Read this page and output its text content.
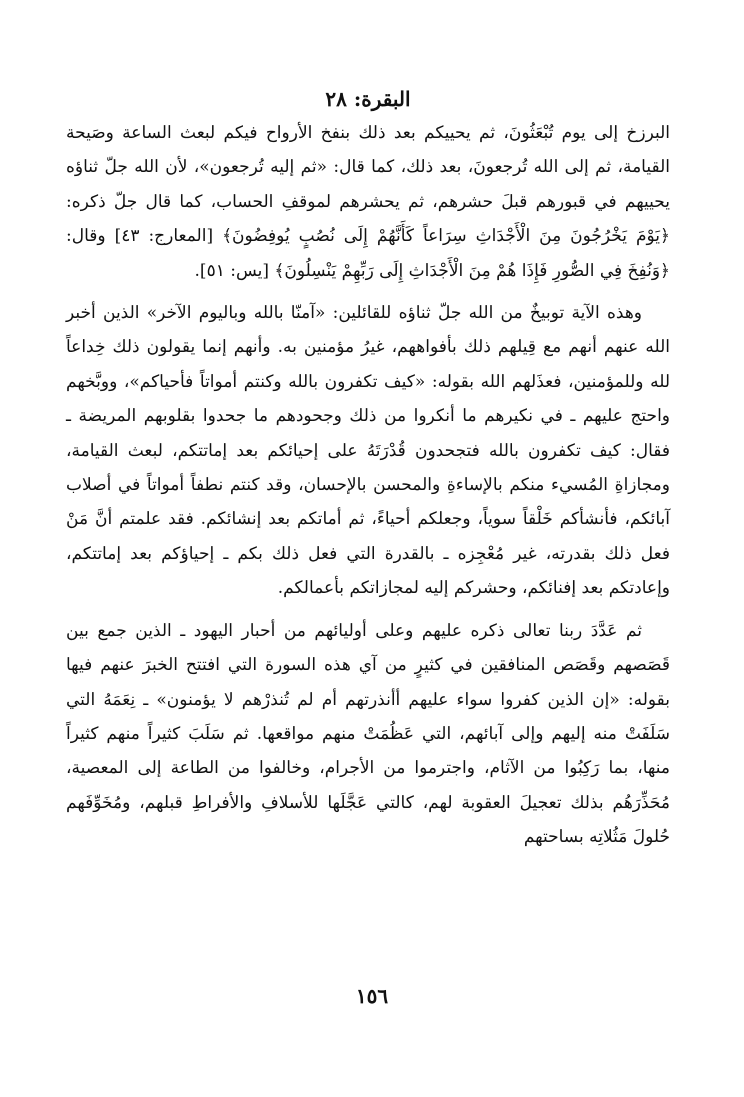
البقرة: ٢٨

البرزخ إلى يوم تُبْعَثُونَ، ثم يحييكم بعد ذلك بنفخ الأرواح فيكم لبعث الساعة وصَيحة القيامة، ثم إلى الله تُرجعونَ، بعد ذلك، كما قال: «ثم إليه تُرجعون»، لأن الله جلّ ثناؤه يحييهم في قبورهم قبلَ حشرهم، ثم يحشرهم لموقفِ الحساب، كما قال جلّ ذكره: ﴿يَوْمَ يَخْرُجُونَ مِنَ الْأَجْدَاثِ سِرَاعاً كَأَنَّهُمْ إِلَى نُصُبٍ يُوفِضُونَ﴾ [المعارج: ٤٣] وقال: ﴿وَنُفِخَ فِي الصُّورِ فَإِذَا هُمْ مِنَ الْأَجْدَاثِ إِلَى رَبِّهِمْ يَنْسِلُونَ﴾ [يس: ٥١].

وهذه الآية توبيخٌ من الله جلّ ثناؤه للقائلين: «آمنّا بالله وباليوم الآخر» الذين أخبر الله عنهم أنهم مع قِيلهم ذلك بأفواههم، غيرُ مؤمنين به. وأنهم إنما يقولون ذلك خِداعاً لله وللمؤمنين، فعذَلهم الله بقوله: «كيف تكفرون بالله وكنتم أمواتاً فأحياكم»، ووبَّخهم واحتج عليهم ـ في نكيرهم ما أنكروا من ذلك وجحودهم ما جحدوا بقلوبهم المريضة ـ فقال: كيف تكفرون بالله فتجحدون قُدْرَتَهُ على إحيائكم بعد إماتتكم، لبعث القيامة، ومجازاةِ المُسيء منكم بالإساءةِ والمحسن بالإحسان، وقد كنتم نطفاً أمواتاً في أصلاب آبائكم، فأنشأكم خَلْقاً سوياً، وجعلكم أحياءً، ثم أماتكم بعد إنشائكم. فقد علمتم أنَّ مَنْ فعل ذلك بقدرته، غير مُعْجِزه ـ بالقدرة التي فعل ذلك بكم ـ إحياؤكم بعد إماتتكم، وإعادتكم بعد إفنائكم، وحشركم إليه لمجازاتكم بأعمالكم.

ثم عَدَّدَ ربنا تعالى ذكره عليهم وعلى أوليائهم من أحبار اليهود ـ الذين جمع بين قَصَصهم وقَصَص المنافقين في كثيرٍ من آي هذه السورة التي افتتح الخبرَ عنهم فيها بقوله: «إن الذين كفروا سواء عليهم أأنذرتهم أم لم تُنذرْهم لا يؤمنون» ـ نِعَمَهُ التي سَلَفَتْ منه إليهم وإلى آبائهم، التي عَظُمَتْ منهم مواقعها. ثم سَلَبَ كثيراً منهم كثيراً منها، بما رَكِبُوا من الآثام، واجترموا من الأجرام، وخالفوا من الطاعة إلى المعصية، مُحَذِّرَهُم بذلك تعجيلَ العقوبة لهم، كالتي عَجَّلَها للأسلافِ والأفراطِ قبلهم، ومُخَوِّفَهم حُلولَ مَثُلاتِه بساحتهم

١٥٦
